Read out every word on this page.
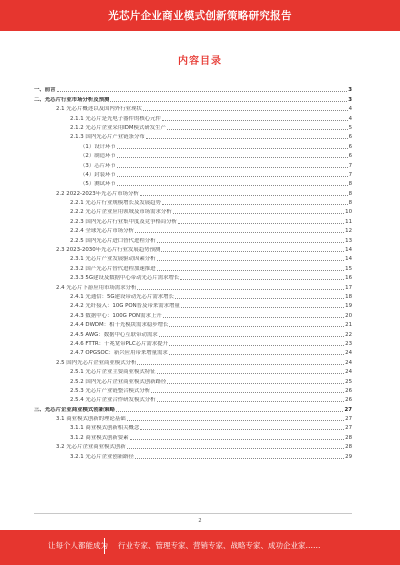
光芯片企业商业模式创新策略研究报告
内容目录
一、前言	3
二、光芯片行业市场分析及预测	3
2.1 光芯片概述以及国内外行业现状	4
2.1.1 光芯片是光电子器件的核心元件	4
2.1.2 光芯片企业采用IDM模式研发生产	5
2.1.3 国内光芯片产业链条分布	6
（1）设计环节	6
（2）制造环节	6
（3）芯片环节	7
（4）封装环节	7
（5）测试环节	8
2.2 2022-2023年光芯片市场分析	8
2.2.1 光芯片行业规模增长及发展趋势	8
2.2.2 光芯片企业应用领域及市场需求分析	10
2.2.3 国内光芯片行业集中度及竞争格局分析	11
2.2.4 全球光芯片市场分析	12
2.2.5 国内光芯片进口替代进程分析	13
2.3 2023-2030年光芯片行业发展趋势预测	14
2.3.1 光芯片产业发展驱动因素分析	14
2.3.2 国产光芯片替代进程加速推进	15
2.3.3 5G建设及数据中心带动光芯片需求增长	16
2.4 光芯片下游应用市场需求分析	17
2.4.1 光通信：5G建设带动光芯片需求增长	18
2.4.2 光纤接入：10G PON普及带来需求增量	19
2.4.3 数据中心：100G PON需求上升	20
2.4.4 DWDM：相干光模块需求稳步增长	21
2.4.5 AWG：数据中心互联带动需求	22
2.4.6 FTTR：千兆宽带PLC芯片需求提升	23
2.4.7 OPGSOC：新兴应用带来增量需求	24
2.5 国内光芯片企业商业模式分析	24
2.5.1 光芯片企业主要商业模式特征	24
2.5.2 国内光芯片企业商业模式创新路径	25
2.5.3 光芯片产业链整合模式分析	26
2.5.4 光芯片企业合作研发模式分析	26
三、光芯片企业商业模式创新策略	27
3.1 商业模式创新的理论基础	27
3.1.1 商业模式创新相关概念	27
3.1.2 商业模式创新要素	28
3.2 光芯片企业商业模式创新	28
3.2.1 光芯片企业创新路径	29
2
让每个人都能成为 行业专家、管理专家、营销专家、战略专家、成功企业家……
